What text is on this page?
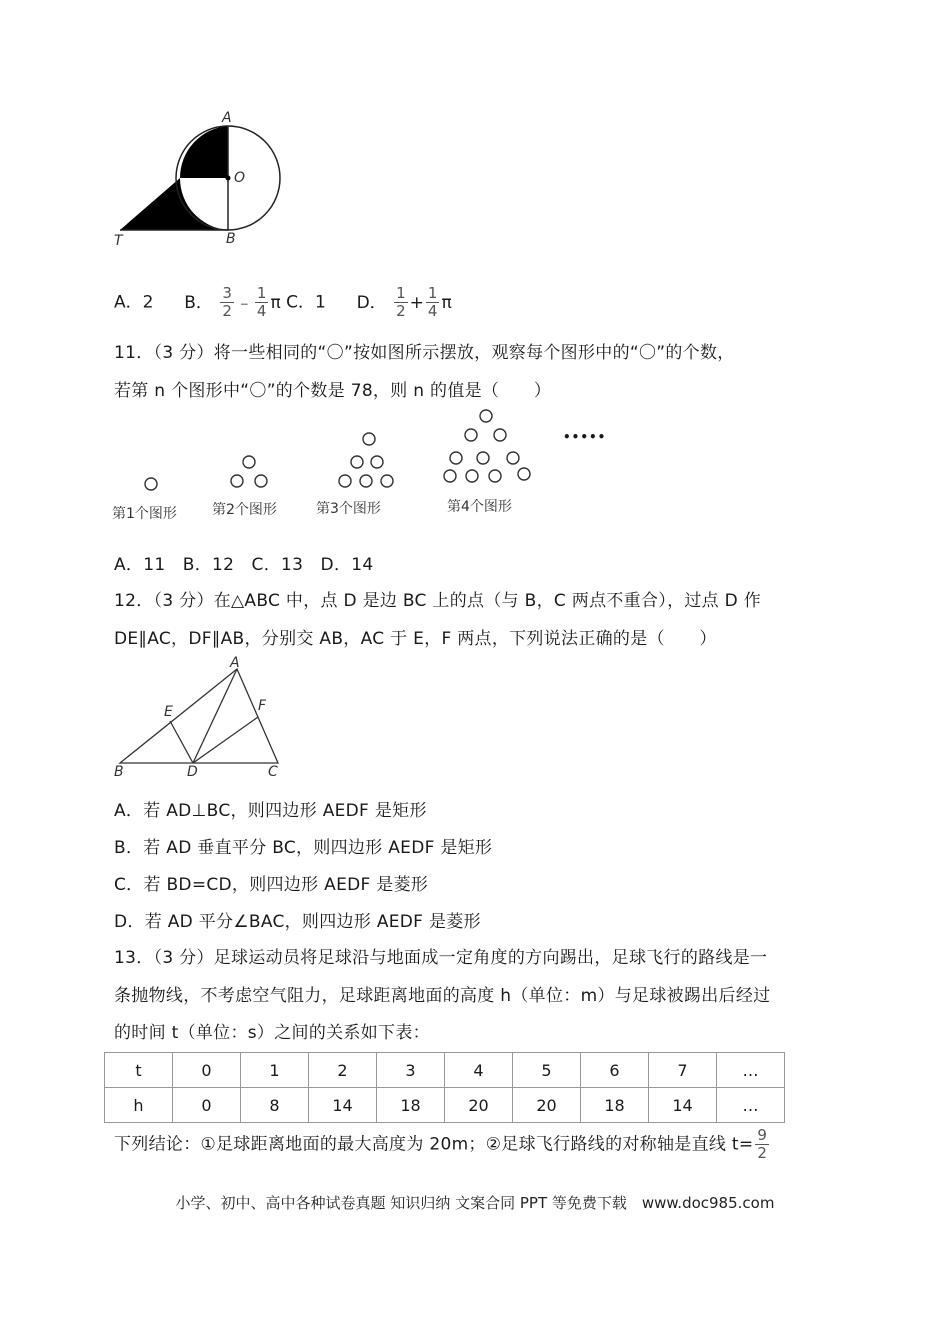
A
O
T	B
A．2 B． $\frac{3}{2}$ ﹣ $\frac{1}{4}$ π C．1 D． $\frac{1}{2} + \frac{1}{4}$ π
11．（3 分）将一些相同的“〇”按如图所示摆放，观察每个图形中的“〇”的个数，
若第 n 个图形中“〇”的个数是 78，则 n 的值是（　　）
第1个图形	第2个图形	第3个图形	第4个图形
•••••
A．11　B．12　C．13　D．14
12．（3 分）在△ABC 中，点 D 是边 BC 上的点（与 B，C 两点不重合），过点 D 作
DE∥AC，DF∥AB，分别交 AB，AC 于 E，F 两点，下列说法正确的是（　　）
A
E	F
B	D	C
A．若 AD⊥BC，则四边形 AEDF 是矩形
B．若 AD 垂直平分 BC，则四边形 AEDF 是矩形
C．若 BD=CD，则四边形 AEDF 是菱形
D．若 AD 平分∠BAC，则四边形 AEDF 是菱形
13．（3 分）足球运动员将足球沿与地面成一定角度的方向踢出，足球飞行的路线是一
条抛物线，不考虑空气阻力，足球距离地面的高度 h（单位：m）与足球被踢出后经过
的时间 t（单位：s）之间的关系如下表：
t	0	1	2	3	4	5	6	7	…
h	0	8	14	18	20	20	18	14	…
下列结论：①足球距离地面的最大高度为 20m；②足球飞行路线的对称轴是直线 $t= \frac{9}{2}$
小学、初中、高中各种试卷真题 知识归纳 文案合同 PPT 等免费下载　www.doc985.com
